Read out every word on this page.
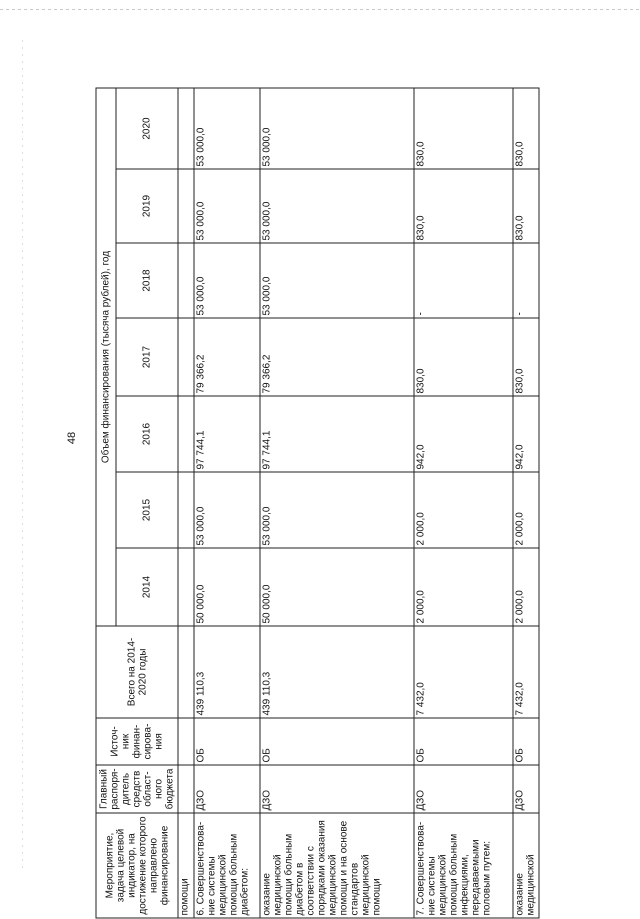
48
Мероприятие, задача целевой индикатор, на достижение которого направлено финансирование	Главный распоря-дитель средств област-ного бюджета	Источ-ник финан-сирова-ния	Всего на 2014-2020 годы	Объем финансирования (тысяча рублей), год						
				2014	2015	2016	2017	2018	2019	2020
помощи										
6. Совершенствова-ние системы медицинской помощи больным диабетом:	ДЗО	ОБ	439 110,3	50 000,0	53 000,0	97 744,1	79 366,2	53 000,0	53 000,0	53 000,0
оказание медицинской помощи больным диабетом в соответствии с порядками оказания медицинской помощи и на основе стандартов медицинской помощи	ДЗО	ОБ	439 110,3	50 000,0	53 000,0	97 744,1	79 366,2	53 000,0	53 000,0	53 000,0
7. Совершенствова-ние системы медицинской помощи больным инфекциями, передаваемыми половым путем:	ДЗО	ОБ	7 432,0	2 000,0	2 000,0	942,0	830,0	-	830,0	830,0
оказание медицинской	ДЗО	ОБ	7 432,0	2 000,0	2 000,0	942,0	830,0	-	830,0	830,0
